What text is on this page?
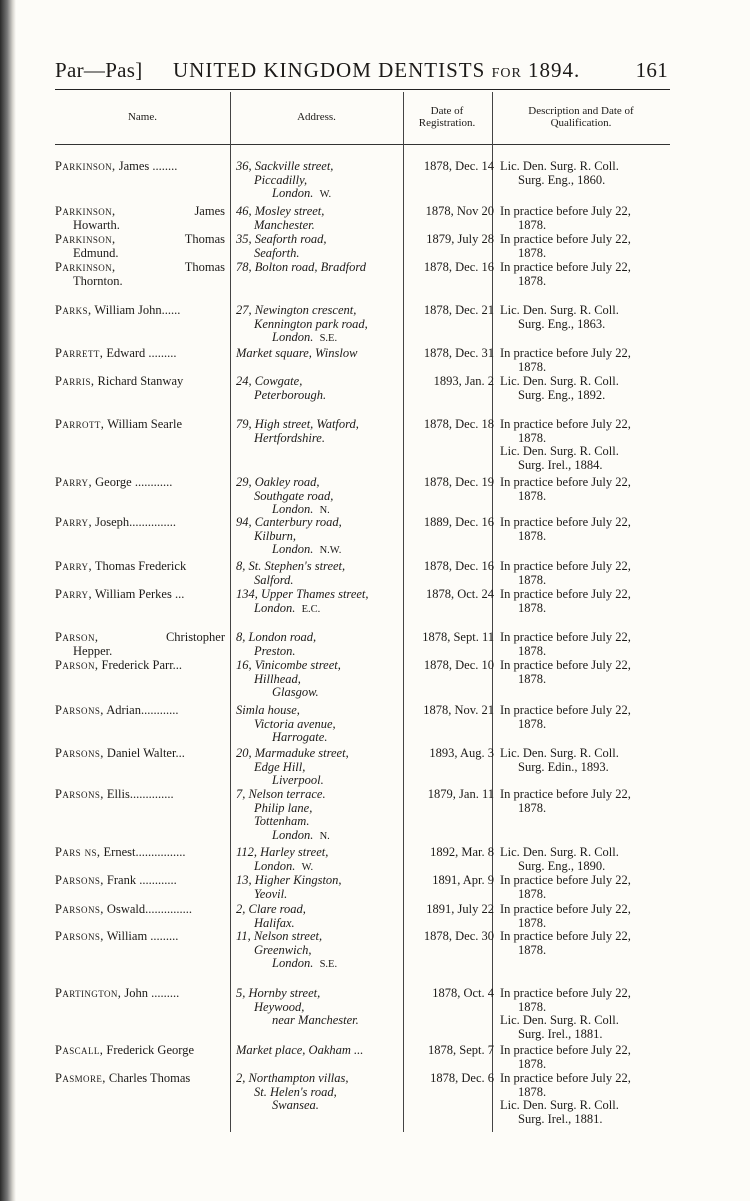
Par—Pas] UNITED KINGDOM DENTISTS FOR 1894.	161
Name.	Address.	Date of
Registration.
Description and Date of
Qualification.
Parkinson, James ........	36, Sackville street,
Piccadilly,
London. W.
1878, Dec. 14 Lic. Den. Surg. R. Coll.
Surg. Eng., 1860.
Parkinson,	James
Howarth.
46, Mosley street,
Manchester.
1878, Nov 20 In practice before July 22,
1878.
Parkinson,	Thomas
Edmund.
35, Seaforth road,
Seaforth.
1879, July 28 In practice before July 22,
1878.
Parkinson,	Thomas
Thornton.
78, Bolton road, Bradford	1878, Dec. 16 In practice before July 22,
1878.
Parks, William John......	27, Newington crescent,
Kennington park road,
London. S.E.
1878, Dec. 21 Lic. Den. Surg. R. Coll.
Surg. Eng., 1863.
Parrett, Edward .........	Market square, Winslow	1878, Dec. 31 In practice before July 22,
1878.
Parris, Richard Stanway	24, Cowgate,
Peterborough.
1893, Jan. 2 Lic. Den. Surg. R. Coll.
Surg. Eng., 1892.
Parrott, William Searle	79, High street, Watford,
Hertfordshire.
1878, Dec. 18 In practice before July 22,
1878.
Lic. Den. Surg. R. Coll.
Surg. Irel., 1884.
Parry, George ............	29, Oakley road,
Southgate road,
London. N.
1878, Dec. 19 In practice before July 22,
1878.
Parry, Joseph...............	94, Canterbury road,
Kilburn,
London. N.W.
1889, Dec. 16 In practice before July 22,
1878.
Parry, Thomas Frederick	8, St. Stephen's street,
Salford.
1878, Dec. 16 In practice before July 22,
1878.
Parry, William Perkes ...	134, Upper Thames street,
London. E.C.
1878, Oct. 24 In practice before July 22,
1878.
Parson,	Christopher
Hepper.
8, London road,
Preston.
1878, Sept. 11 In practice before July 22,
1878.
Parson, Frederick Parr...	16, Vinicombe street,
Hillhead,
Glasgow.
1878, Dec. 10 In practice before July 22,
1878.
Parsons, Adrian............	Simla house,
Victoria avenue,
Harrogate.
1878, Nov. 21 In practice before July 22,
1878.
Parsons, Daniel Walter...	20, Marmaduke street,
Edge Hill,
Liverpool.
1893, Aug. 3 Lic. Den. Surg. R. Coll.
Surg. Edin., 1893.
Parsons, Ellis..............	7, Nelson terrace.
Philip lane,
Tottenham.
London. N.
1879, Jan. 11 In practice before July 22,
1878.
Pars ns, Ernest................	112, Harley street,
London. W.
1892, Mar. 8 Lic. Den. Surg. R. Coll.
Surg. Eng., 1890.
Parsons, Frank ............	13, Higher Kingston,
Yeovil.
1891, Apr. 9 In practice before July 22,
1878.
Parsons, Oswald...............	2, Clare road,
Halifax.
1891, July 22 In practice before July 22,
1878.
Parsons, William .........	11, Nelson street,
Greenwich,
London. S.E.
1878, Dec. 30 In practice before July 22,
1878.
Partington, John .........	5, Hornby street,
Heywood,
near Manchester.
1878, Oct. 4 In practice before July 22,
1878.
Lic. Den. Surg. R. Coll.
Surg. Irel., 1881.
Pascall, Frederick George	Market place, Oakham ...	1878, Sept. 7 In practice before July 22,
1878.
Pasmore, Charles Thomas	2, Northampton villas,
St. Helen's road,
Swansea.
1878, Dec. 6 In practice before July 22,
1878.
Lic. Den. Surg. R. Coll.
Surg. Irel., 1881.
